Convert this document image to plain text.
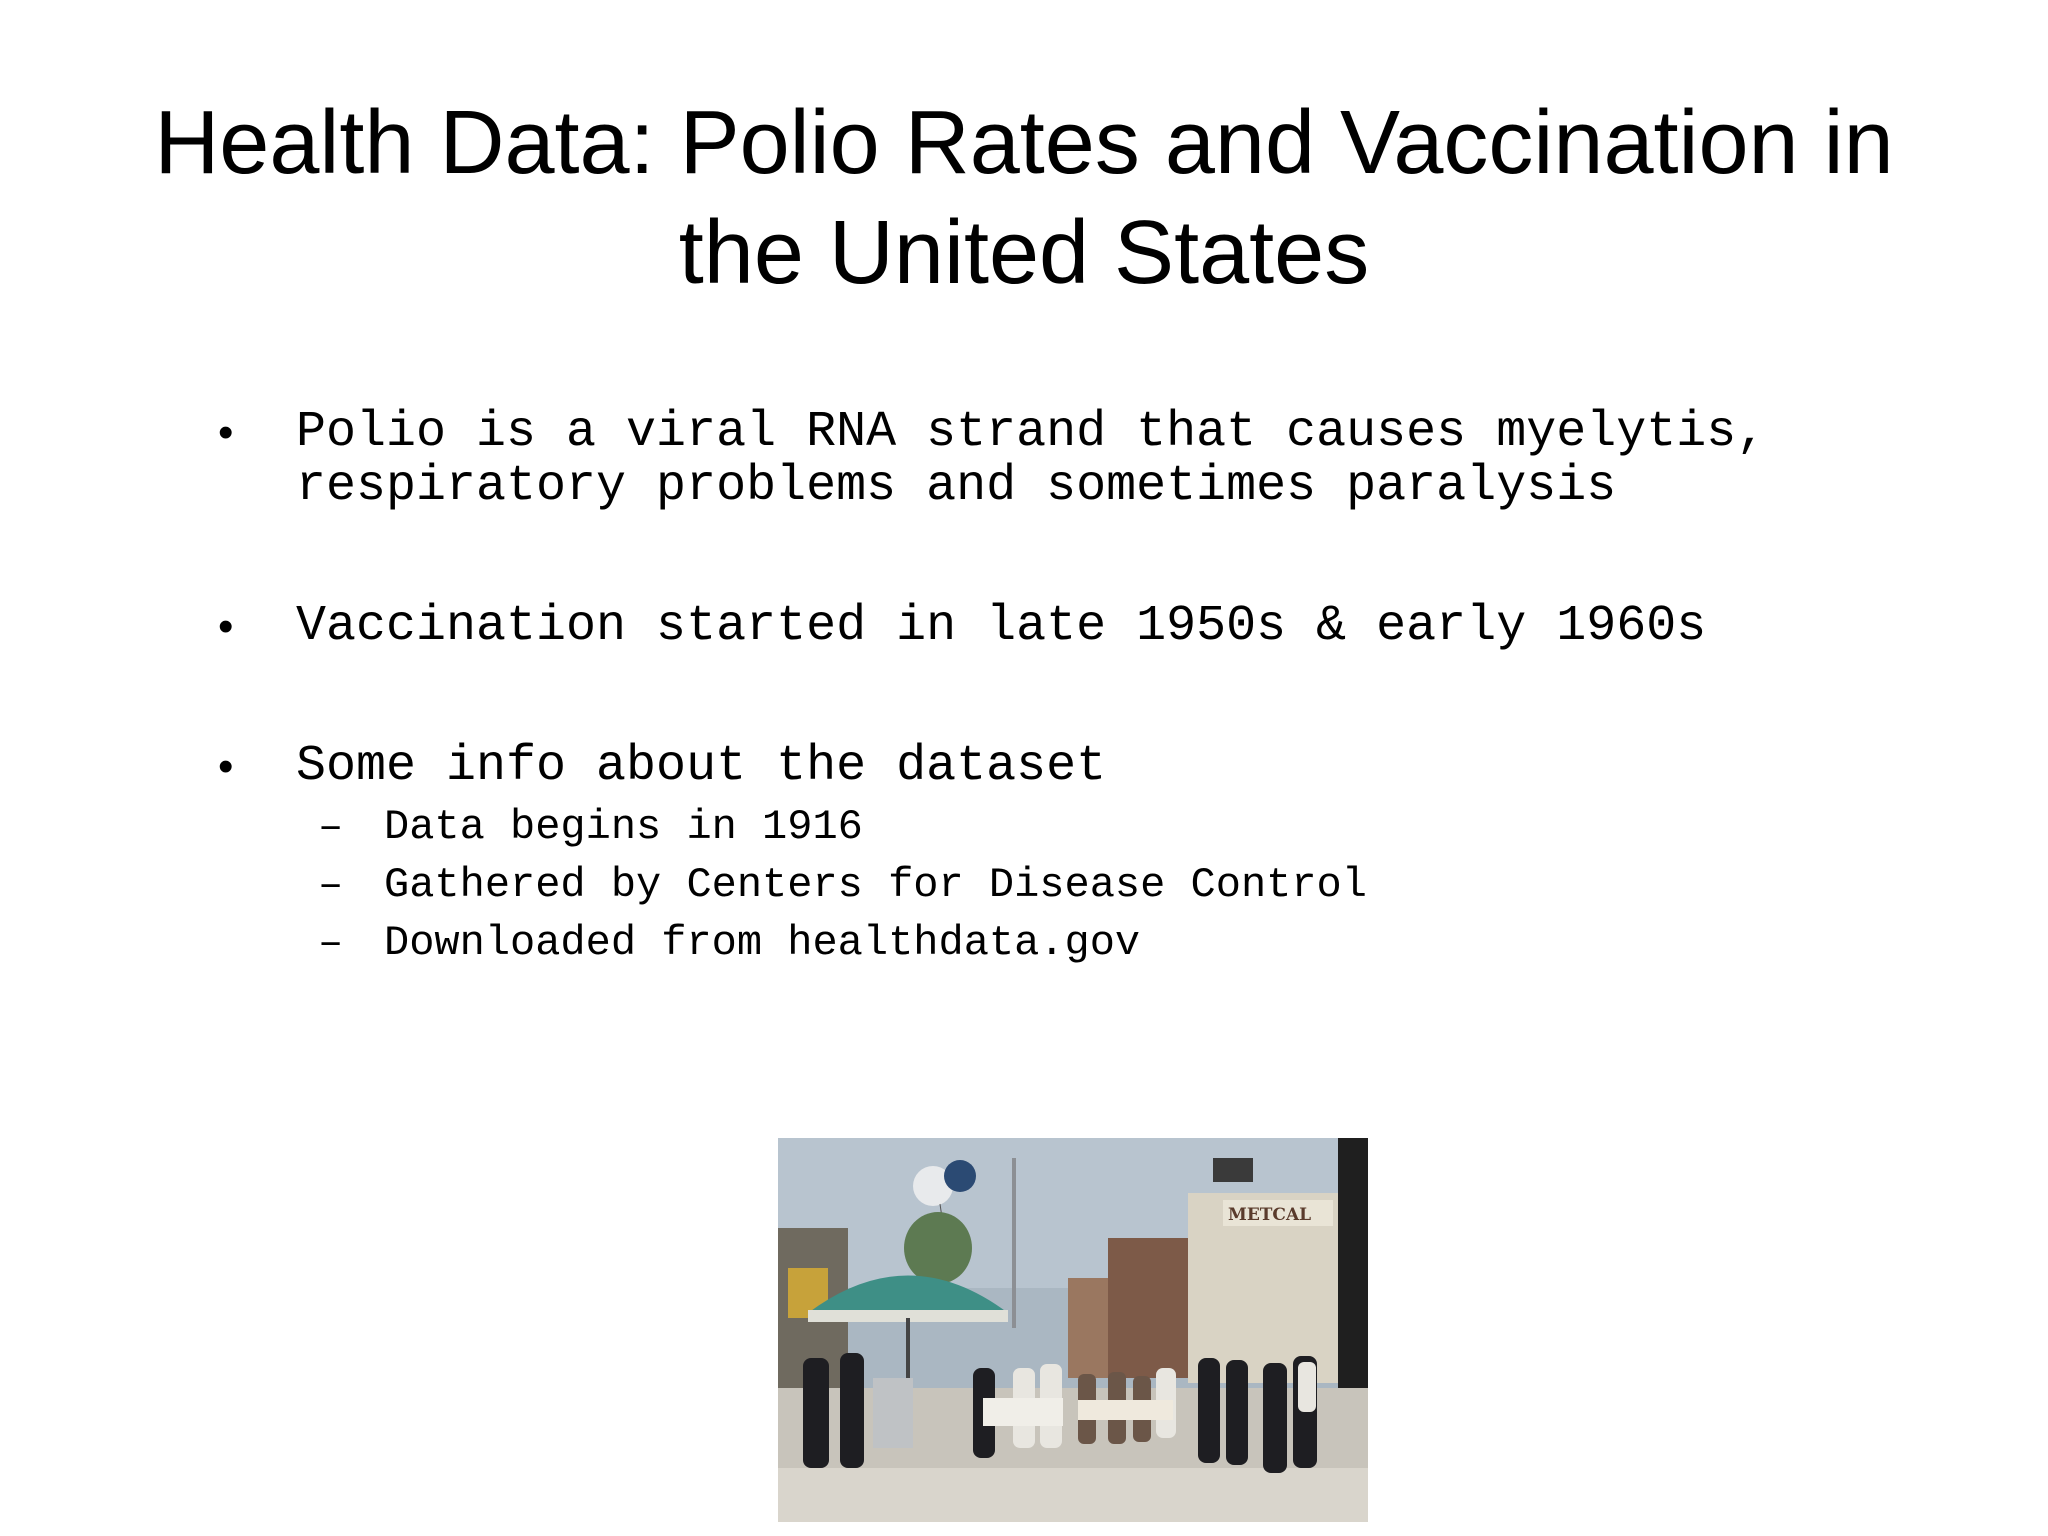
Health Data: Polio Rates and Vaccination in
the United States
• Polio is a viral RNA strand that causes myelytis, respiratory problems and sometimes paralysis
• Vaccination started in late 1950s & early 1960s
• Some info about the dataset
– Data begins in 1916
– Gathered by Centers for Disease Control
– Downloaded from healthdata.gov
METCAL
